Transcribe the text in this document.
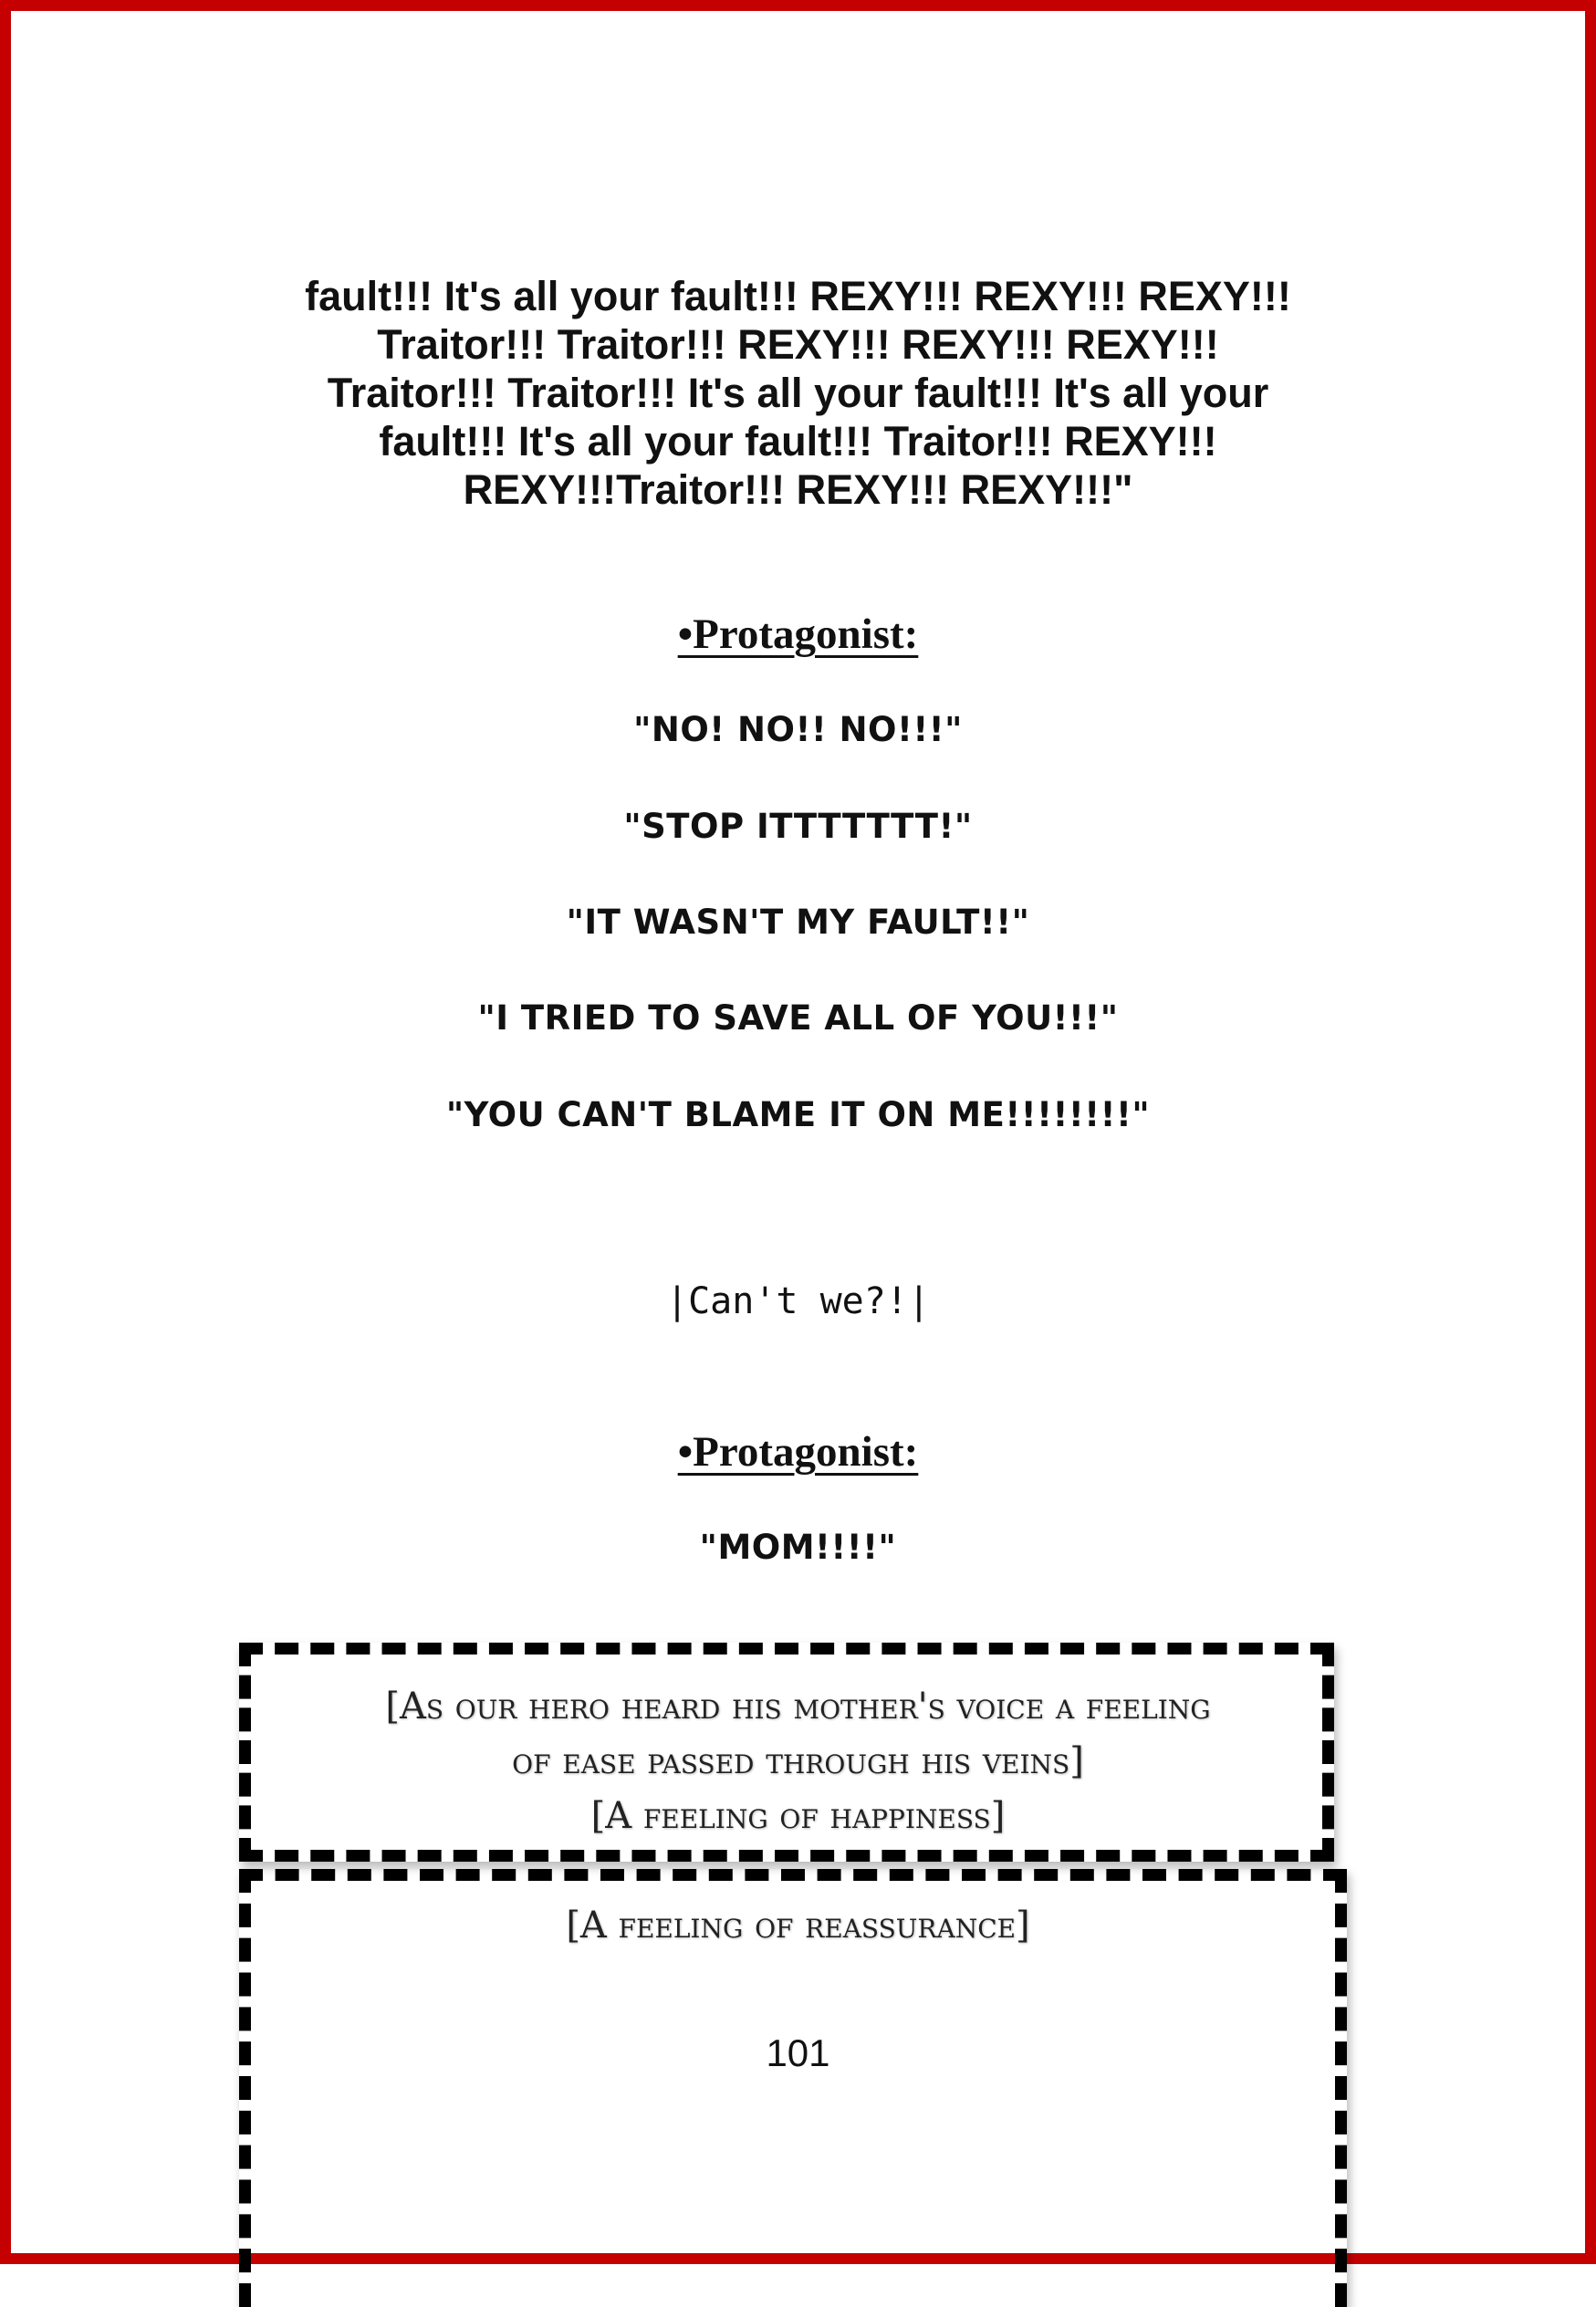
fault!!! It's all your fault!!! REXY!!! REXY!!! REXY!!!
Traitor!!! Traitor!!! REXY!!! REXY!!! REXY!!!
Traitor!!! Traitor!!! It's all your fault!!! It's all your
fault!!! It's all your fault!!! Traitor!!! REXY!!!
REXY!!!Traitor!!! REXY!!! REXY!!!"
•Protagonist:
"NO! NO!! NO!!!"
"STOP ITTTTTTT!"
"IT WASN'T MY FAULT!!"
"I TRIED TO SAVE ALL OF YOU!!!"
"YOU CAN'T BLAME IT ON ME!!!!!!!!"
|Can't we?!|
•Protagonist:
"MOM!!!!"
[As our hero heard his mother's voice a feeling
of ease passed through his veins]
[A feeling of happiness]
[A feeling of reassurance]
101
